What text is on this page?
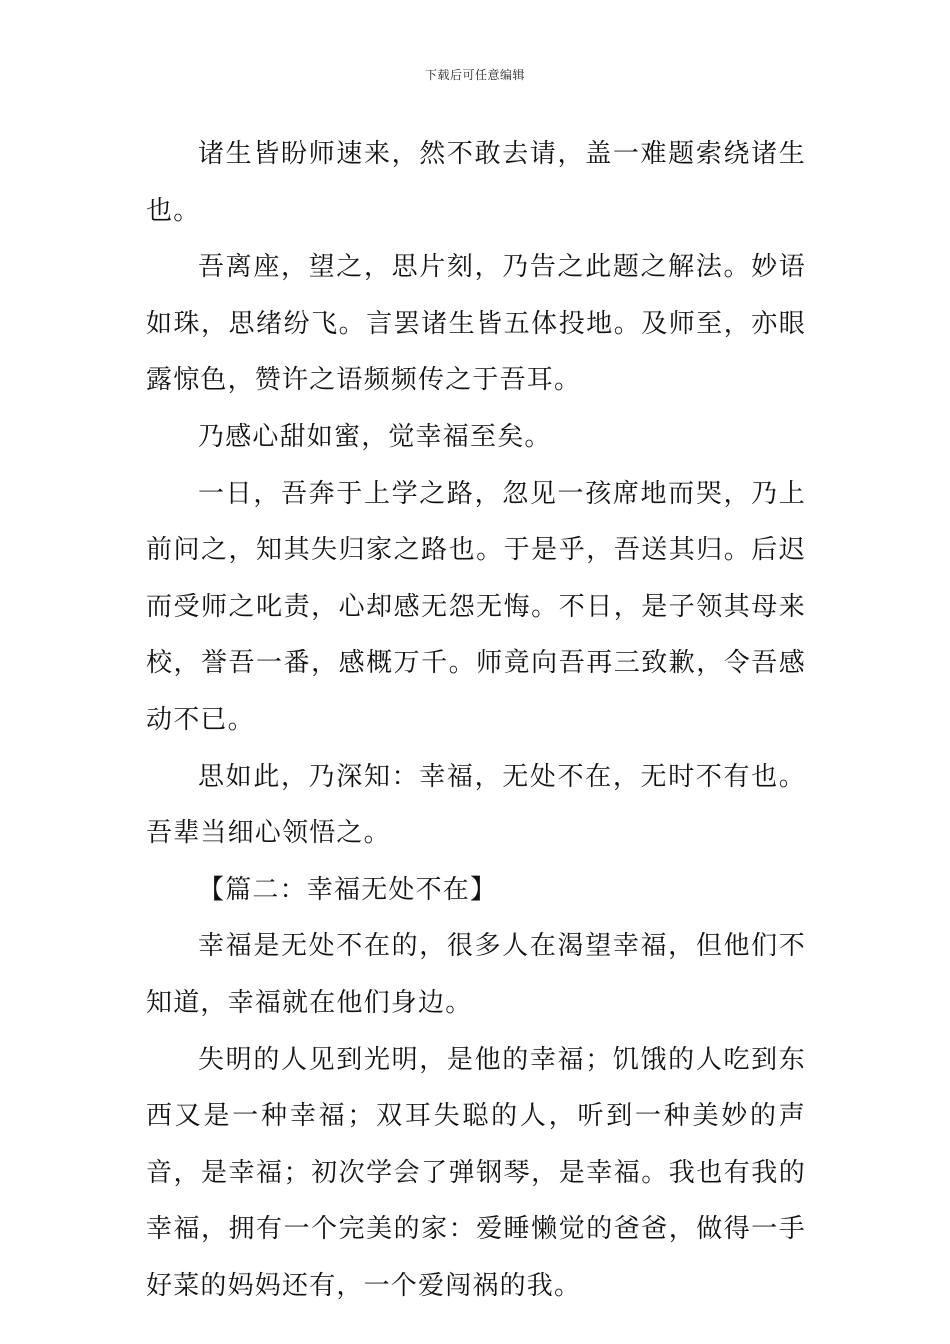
下载后可任意编辑

诸生皆盼师速来，然不敢去请，盖一难题索绕诸生也。

吾离座，望之，思片刻，乃告之此题之解法。妙语如珠，思绪纷飞。言罢诸生皆五体投地。及师至，亦眼露惊色，赞许之语频频传之于吾耳。

乃感心甜如蜜，觉幸福至矣。

一日，吾奔于上学之路，忽见一孩席地而哭，乃上前问之，知其失归家之路也。于是乎，吾送其归。后迟而受师之叱责，心却感无怨无悔。不日，是子领其母来校，誉吾一番，感概万千。师竟向吾再三致歉，令吾感动不已。

思如此，乃深知：幸福，无处不在，无时不有也。吾辈当细心领悟之。

【篇二：幸福无处不在】

幸福是无处不在的，很多人在渴望幸福，但他们不知道，幸福就在他们身边。

失明的人见到光明，是他的幸福；饥饿的人吃到东西又是一种幸福；双耳失聪的人，听到一种美妙的声音，是幸福；初次学会了弹钢琴，是幸福。我也有我的幸福，拥有一个完美的家：爱睡懒觉的爸爸，做得一手好菜的妈妈还有，一个爱闯祸的我。
